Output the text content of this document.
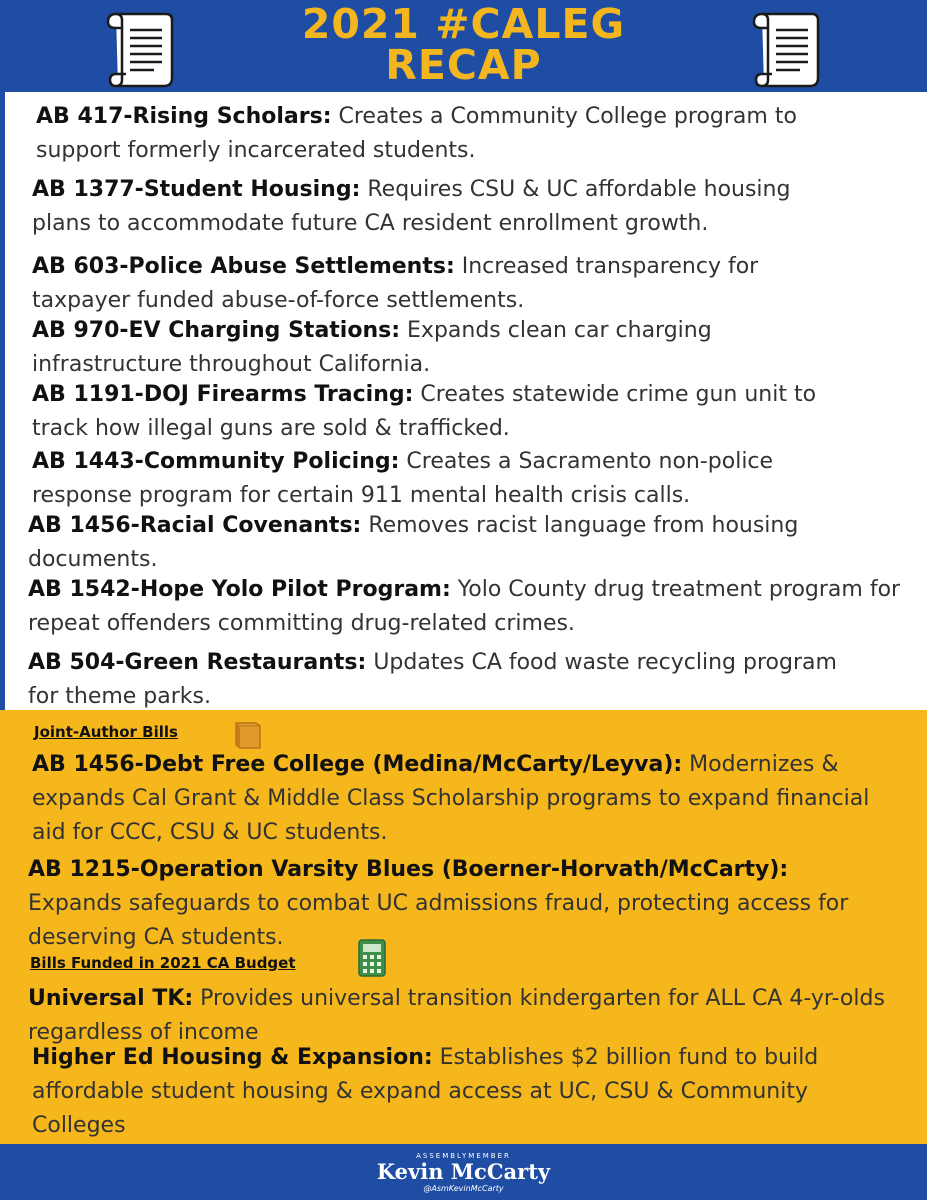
2021 #CALEG
RECAP
AB 417-Rising Scholars: Creates a Community College program to support formerly incarcerated students.
AB 1377-Student Housing: Requires CSU & UC affordable housing plans to accommodate future CA resident enrollment growth.
AB 603-Police Abuse Settlements: Increased transparency for taxpayer funded abuse-of-force settlements.
AB 970-EV Charging Stations: Expands clean car charging infrastructure throughout California.
AB 1191-DOJ Firearms Tracing: Creates statewide crime gun unit to track how illegal guns are sold & trafficked.
AB 1443-Community Policing: Creates a Sacramento non-police response program for certain 911 mental health crisis calls.
AB 1456-Racial Covenants: Removes racist language from housing documents.
AB 1542-Hope Yolo Pilot Program: Yolo County drug treatment program for repeat offenders committing drug-related crimes.
AB 504-Green Restaurants: Updates CA food waste recycling program for theme parks.
Joint-Author Bills
AB 1456-Debt Free College (Medina/McCarty/Leyva): Modernizes & expands Cal Grant & Middle Class Scholarship programs to expand financial aid for CCC, CSU & UC students.
AB 1215-Operation Varsity Blues (Boerner-Horvath/McCarty): Expands safeguards to combat UC admissions fraud, protecting access for deserving CA students.
Bills Funded in 2021 CA Budget
Universal TK: Provides universal transition kindergarten for ALL CA 4-yr-olds regardless of income
Higher Ed Housing & Expansion: Establishes $2 billion fund to build affordable student housing & expand access at UC, CSU & Community Colleges
ASSEMBLYMEMBER
Kevin McCarty
@AsmKevinMcCarty
